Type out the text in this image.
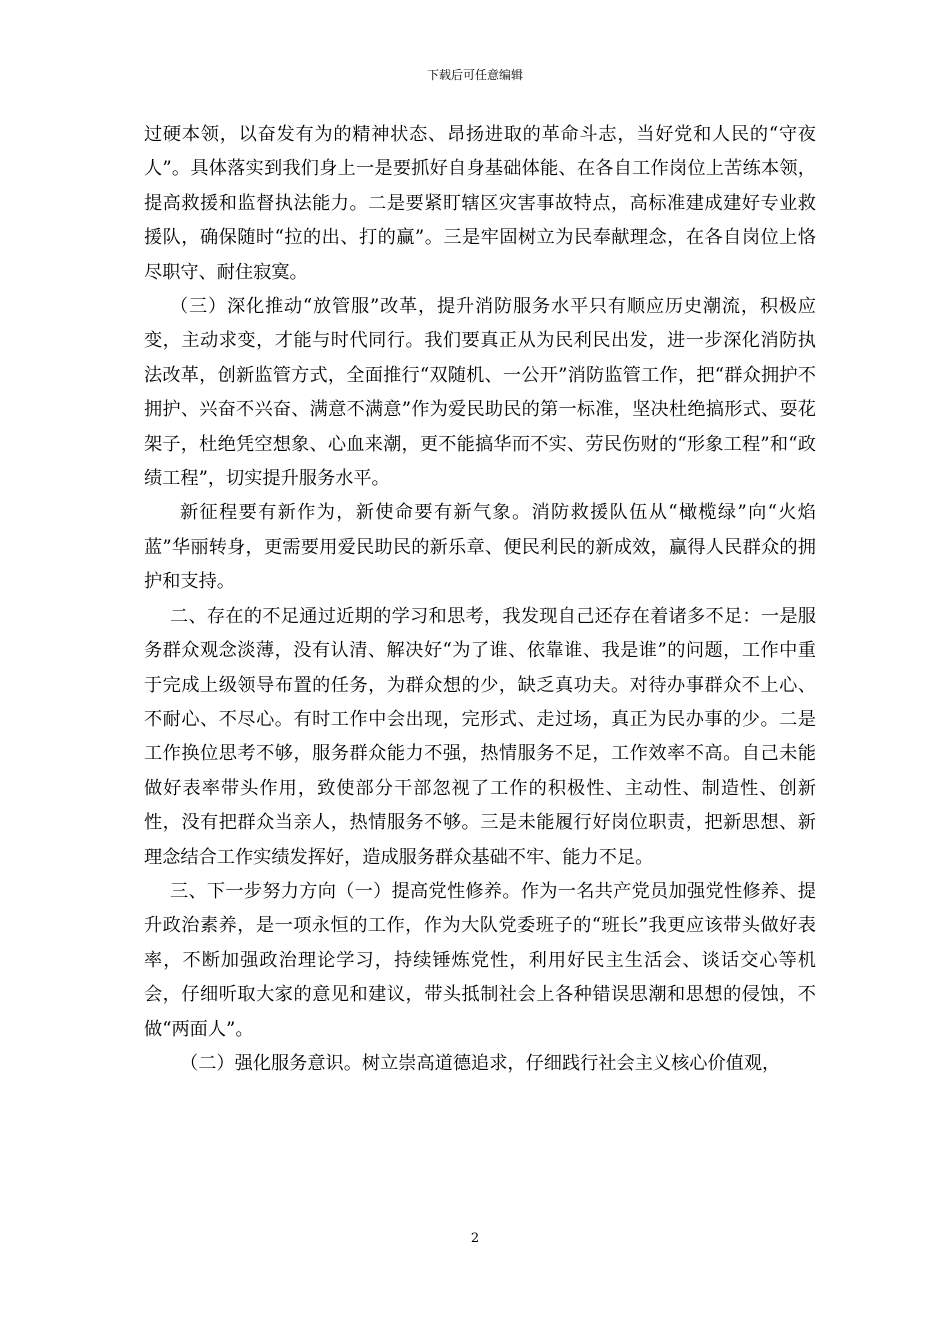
下载后可任意编辑

过硬本领，以奋发有为的精神状态、昂扬进取的革命斗志，当好党和人民的“守夜人”。具体落实到我们身上一是要抓好自身基础体能、在各自工作岗位上苦练本领，提高救援和监督执法能力。二是要紧盯辖区灾害事故特点，高标准建成建好专业救援队，确保随时“拉的出、打的赢”。三是牢固树立为民奉献理念，在各自岗位上恪尽职守、耐住寂寞。

（三）深化推动“放管服”改革，提升消防服务水平只有顺应历史潮流，积极应变，主动求变，才能与时代同行。我们要真正从为民利民出发，进一步深化消防执法改革，创新监管方式，全面推行“双随机、一公开”消防监管工作，把“群众拥护不拥护、兴奋不兴奋、满意不满意”作为爱民助民的第一标准，坚决杜绝搞形式、耍花架子，杜绝凭空想象、心血来潮，更不能搞华而不实、劳民伤财的“形象工程”和“政绩工程”，切实提升服务水平。

新征程要有新作为，新使命要有新气象。消防救援队伍从“橄榄绿”向“火焰蓝”华丽转身，更需要用爱民助民的新乐章、便民利民的新成效，赢得人民群众的拥护和支持。

二、存在的不足通过近期的学习和思考，我发现自己还存在着诸多不足：一是服务群众观念淡薄，没有认清、解决好“为了谁、依靠谁、我是谁”的问题，工作中重于完成上级领导布置的任务，为群众想的少，缺乏真功夫。对待办事群众不上心、不耐心、不尽心。有时工作中会出现，完形式、走过场，真正为民办事的少。二是工作换位思考不够，服务群众能力不强，热情服务不足，工作效率不高。自己未能做好表率带头作用，致使部分干部忽视了工作的积极性、主动性、制造性、创新性，没有把群众当亲人，热情服务不够。三是未能履行好岗位职责，把新思想、新理念结合工作实绩发挥好，造成服务群众基础不牢、能力不足。

三、下一步努力方向（一）提高党性修养。作为一名共产党员加强党性修养、提升政治素养，是一项永恒的工作，作为大队党委班子的“班长”我更应该带头做好表率，不断加强政治理论学习，持续锤炼党性，利用好民主生活会、谈话交心等机会，仔细听取大家的意见和建议，带头抵制社会上各种错误思潮和思想的侵蚀，不做“两面人”。

（二）强化服务意识。树立崇高道德追求，仔细践行社会主义核心价值观，

2
